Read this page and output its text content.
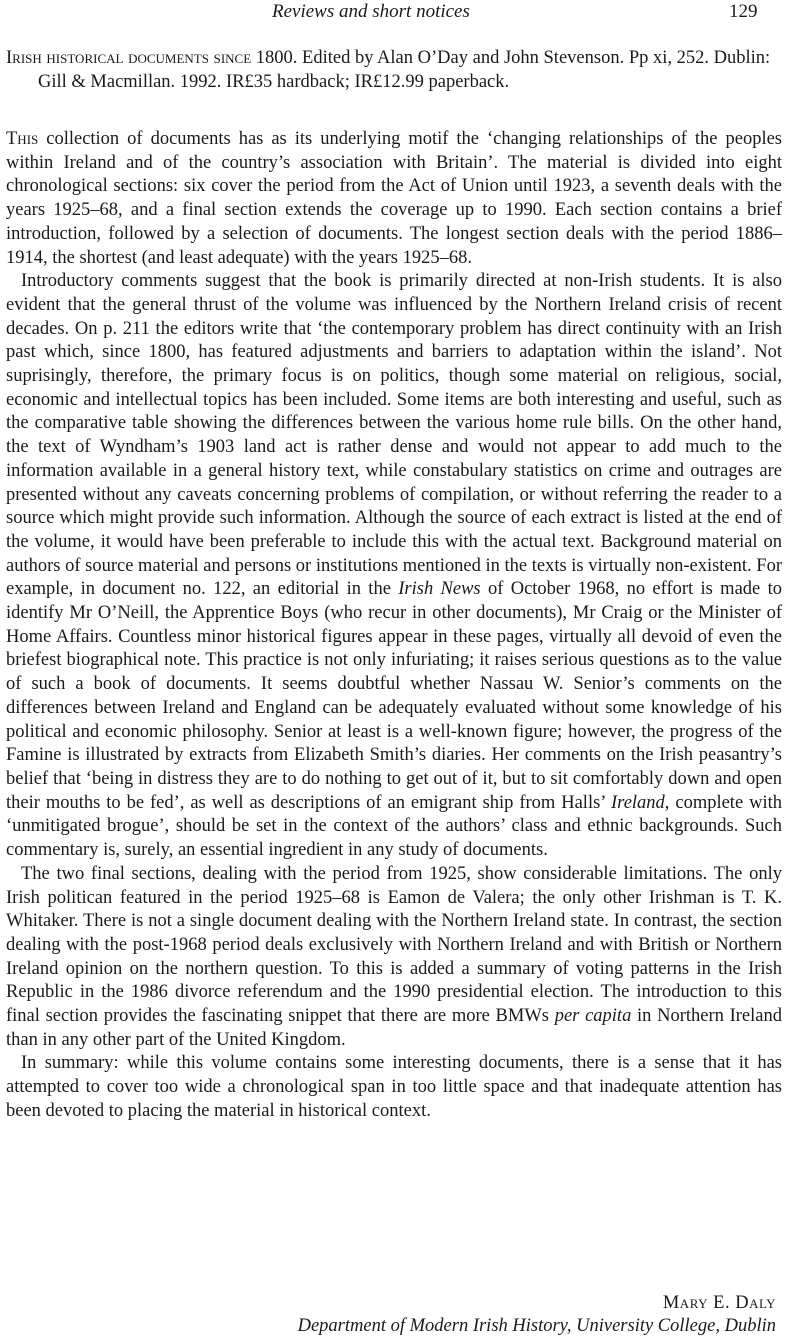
Reviews and short notices	129
Irish historical documents since 1800. Edited by Alan O’Day and John Stevenson. Pp xi, 252. Dublin: Gill & Macmillan. 1992. IR£35 hardback; IR£12.99 paperback.

This collection of documents has as its underlying motif the ‘changing relationships of the peoples within Ireland and of the country’s association with Britain’. The material is divided into eight chronological sections: six cover the period from the Act of Union until 1923, a seventh deals with the years 1925–68, and a final section extends the coverage up to 1990. Each section contains a brief introduction, followed by a selection of documents. The longest section deals with the period 1886–1914, the shortest (and least adequate) with the years 1925–68.

Introductory comments suggest that the book is primarily directed at non-Irish students. It is also evident that the general thrust of the volume was influenced by the Northern Ireland crisis of recent decades. On p. 211 the editors write that ‘the contemporary problem has direct continuity with an Irish past which, since 1800, has featured adjustments and barriers to adaptation within the island’. Not suprisingly, therefore, the primary focus is on politics, though some material on religious, social, economic and intellectual topics has been included. Some items are both interesting and useful, such as the comparative table showing the differences between the various home rule bills. On the other hand, the text of Wyndham’s 1903 land act is rather dense and would not appear to add much to the information available in a general history text, while constabulary statistics on crime and outrages are presented without any caveats concerning problems of compilation, or without referring the reader to a source which might provide such information. Although the source of each extract is listed at the end of the volume, it would have been preferable to include this with the actual text. Background material on authors of source material and persons or institutions mentioned in the texts is virtually non-existent. For example, in document no. 122, an editorial in the Irish News of October 1968, no effort is made to identify Mr O’Neill, the Apprentice Boys (who recur in other documents), Mr Craig or the Minister of Home Affairs. Countless minor historical figures appear in these pages, virtually all devoid of even the briefest biographical note. This practice is not only infuriating; it raises serious questions as to the value of such a book of documents. It seems doubtful whether Nassau W. Senior’s comments on the differences between Ireland and England can be adequately evaluated without some knowledge of his political and economic philosophy. Senior at least is a well-known figure; however, the progress of the Famine is illustrated by extracts from Elizabeth Smith’s diaries. Her comments on the Irish peasantry’s belief that ‘being in distress they are to do nothing to get out of it, but to sit comfortably down and open their mouths to be fed’, as well as descriptions of an emigrant ship from Halls’ Ireland, complete with ‘unmitigated brogue’, should be set in the context of the authors’ class and ethnic backgrounds. Such commentary is, surely, an essential ingredient in any study of documents.

The two final sections, dealing with the period from 1925, show considerable limitations. The only Irish politican featured in the period 1925–68 is Eamon de Valera; the only other Irishman is T. K. Whitaker. There is not a single document dealing with the Northern Ireland state. In contrast, the section dealing with the post-1968 period deals exclusively with Northern Ireland and with British or Northern Ireland opinion on the northern question. To this is added a summary of voting patterns in the Irish Republic in the 1986 divorce referendum and the 1990 presidential election. The introduction to this final section provides the fascinating snippet that there are more BMWs per capita in Northern Ireland than in any other part of the United Kingdom.

In summary: while this volume contains some interesting documents, there is a sense that it has attempted to cover too wide a chronological span in too little space and that inadequate attention has been devoted to placing the material in historical context.

Mary E. Daly
Department of Modern Irish History, University College, Dublin
